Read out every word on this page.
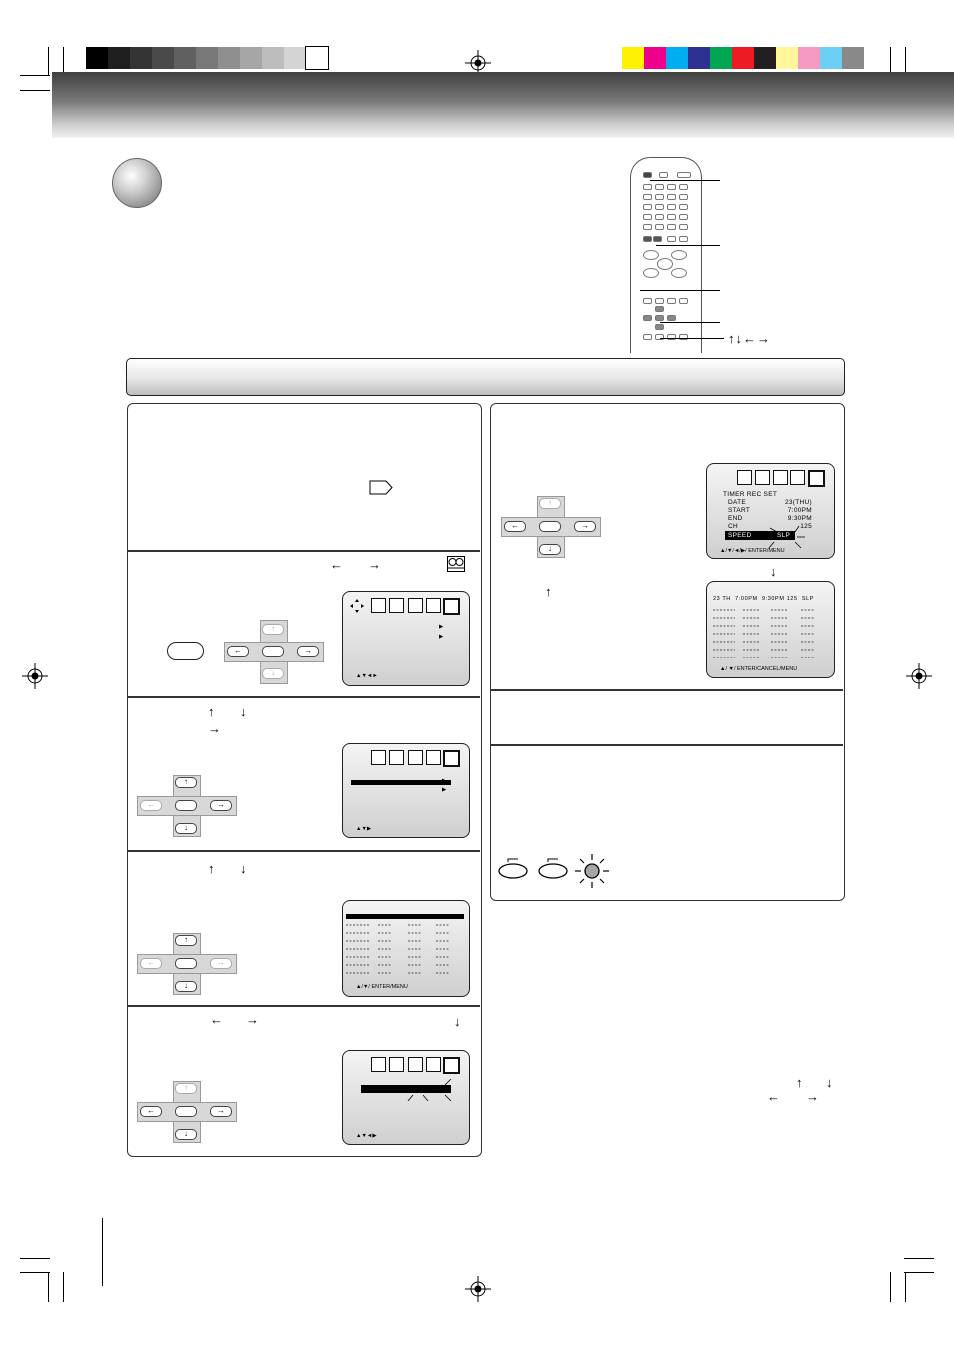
↑↓←→
← →
↑
←	→
↓
▶
▶
▲▼◄►
↑ ↓
→
↑
←	→
↓
▶
▶
▲▼▶
↑ ↓
↑
←	→
↓	▲/▼/ ENTER/MENU
← →	↓
↑
←	→
↓	▲▼◄▶
↑
←	→
↓
↑
TIMER REC SET
DATE	23(THU)
START	7:00PM
END	9:30PM
CH	125
SPEED	SLP
▲/▼/◄/▶/ ENTER/MENU
↓
23 TH  7:00PM  9:30PM 125  SLP
▲/ ▼/ ENTER/CANCEL/MENU
↑ ↓
← →
